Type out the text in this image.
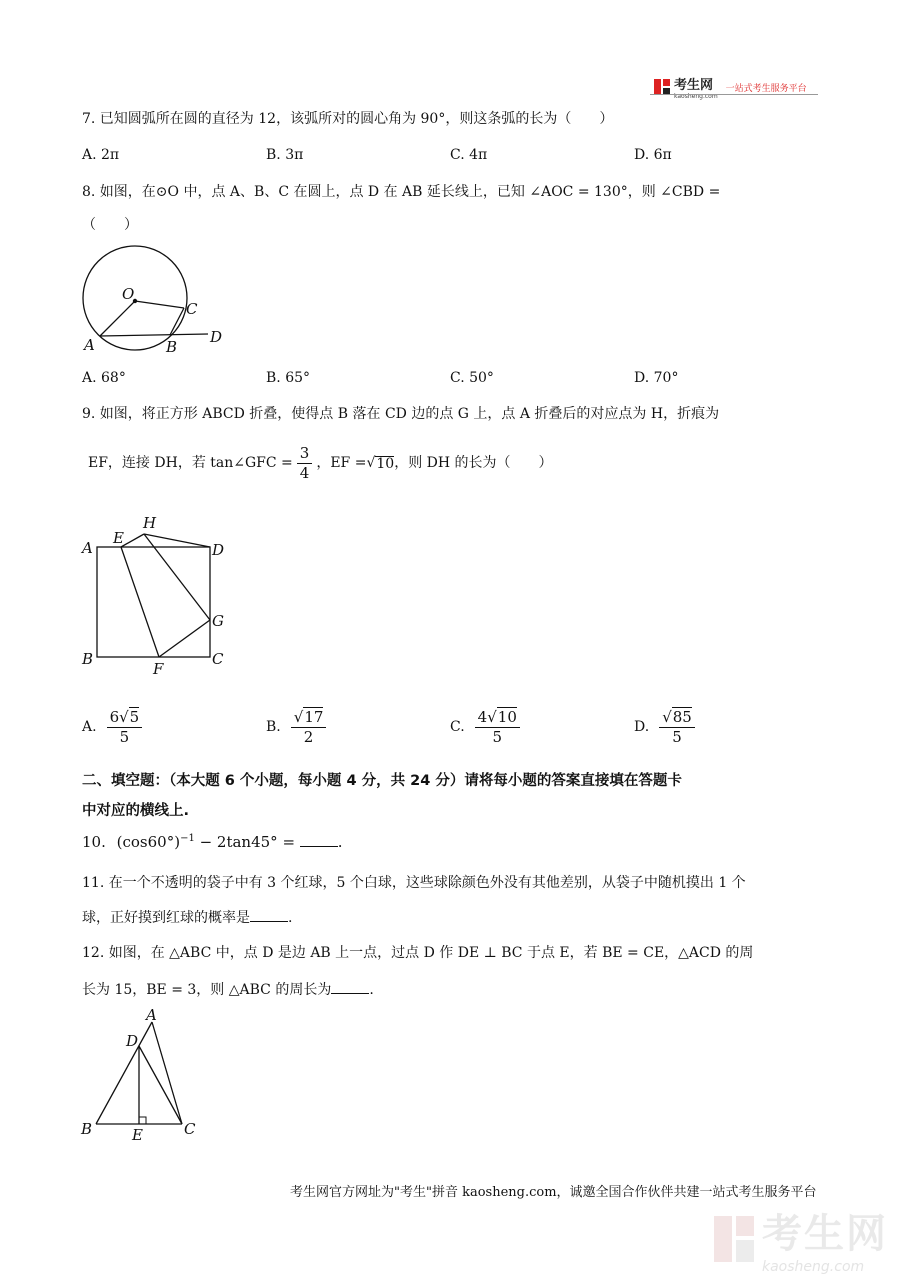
考生网
kaosheng.com
一站式考生服务平台
7. 已知圆弧所在圆的直径为 12，该弧所对的圆心角为 90°，则这条弧的长为（　　）
A. 2π	B. 3π	C. 4π	D. 6π
8. 如图，在⊙O 中，点 A、B、C 在圆上，点 D 在 AB 延长线上，已知 ∠AOC = 130°，则 ∠CBD =
（　　）
O
C
A	B
D
A. 68°	B. 65°	C. 50°	D. 70°
9. 如图，将正方形 ABCD 折叠，使得点 B 落在 CD 边的点 G 上，点 A 折叠后的对应点为 H，折痕为
EF，连接 DH，若 tan∠GFC = $\frac{3}{4}$ ，EF = √ 10 ，则 DH 的长为（　　）
H
E
A	D
G
B
F
C
A. $\frac{6√5}{5}$	B. $\frac{√17}{2}$	C. $\frac{4√10}{5}$	D. $\frac{√85}{5}$
二、填空题：（本大题 6 个小题，每小题 4 分，共 24 分）请将每小题的答案直接填在答题卡
中对应的横线上.
10. $(\cos 60^\circ)^{-1} - 2\tan 45^\circ$ =	.
11. 在一个不透明的袋子中有 3 个红球，5 个白球，这些球除颜色外没有其他差别，从袋子中随机摸出 1 个
球，正好摸到红球的概率是	.
12. 如图，在 △ABC 中，点 D 是边 AB 上一点，过点 D 作 DE ⊥ BC 于点 E，若 BE = CE，△ACD 的周
长为 15，BE = 3，则 △ABC 的周长为	.
A
D
B	E	C
考生网官方网址为"考生"拼音 kaosheng.com，诚邀全国合作伙伴共建一站式考生服务平台
考生网
kaosheng.com
